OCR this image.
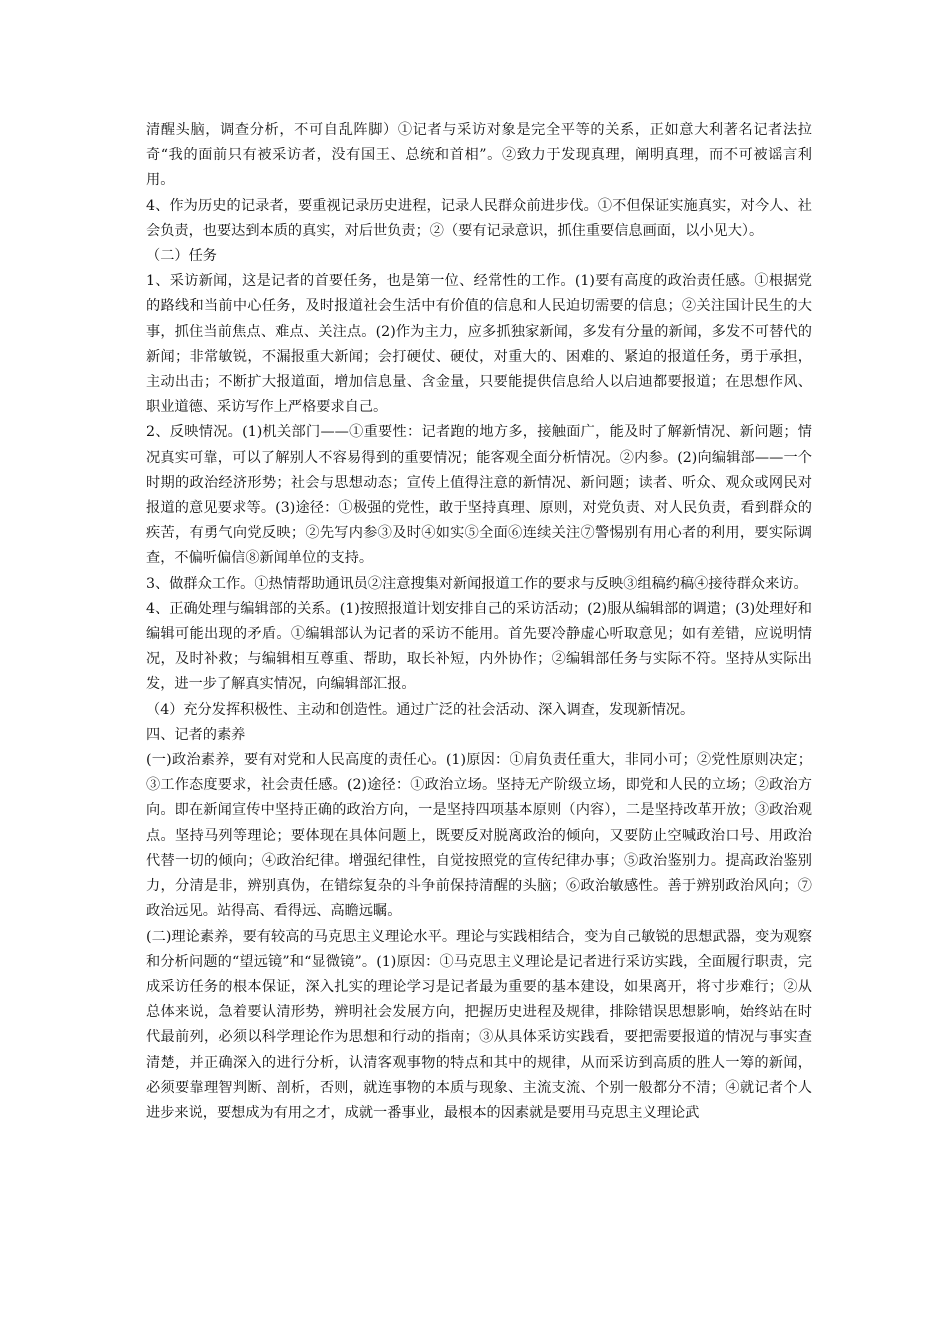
清醒头脑，调查分析，不可自乱阵脚）①记者与采访对象是完全平等的关系，正如意大利著名记者法拉奇“我的面前只有被采访者，没有国王、总统和首相”。②致力于发现真理，阐明真理，而不可被谣言利用。

4、作为历史的记录者，要重视记录历史进程，记录人民群众前进步伐。①不但保证实施真实，对今人、社会负责，也要达到本质的真实，对后世负责；②（要有记录意识，抓住重要信息画面，以小见大）。

（二）任务

1、采访新闻，这是记者的首要任务，也是第一位、经常性的工作。(1)要有高度的政治责任感。①根据党的路线和当前中心任务，及时报道社会生活中有价值的信息和人民迫切需要的信息；②关注国计民生的大事，抓住当前焦点、难点、关注点。(2)作为主力，应多抓独家新闻，多发有分量的新闻，多发不可替代的新闻；非常敏锐，不漏报重大新闻；会打硬仗、硬仗，对重大的、困难的、紧迫的报道任务，勇于承担，主动出击；不断扩大报道面，增加信息量、含金量，只要能提供信息给人以启迪都要报道；在思想作风、职业道德、采访写作上严格要求自己。

2、反映情况。(1)机关部门——①重要性：记者跑的地方多，接触面广，能及时了解新情况、新问题；情况真实可靠，可以了解别人不容易得到的重要情况；能客观全面分析情况。②内参。(2)向编辑部——一个时期的政治经济形势；社会与思想动态；宣传上值得注意的新情况、新问题；读者、听众、观众或网民对报道的意见要求等。(3)途径：①极强的党性，敢于坚持真理、原则，对党负责、对人民负责，看到群众的疾苦，有勇气向党反映；②先写内参③及时④如实⑤全面⑥连续关注⑦警惕别有用心者的利用，要实际调查，不偏听偏信⑧新闻单位的支持。

3、做群众工作。①热情帮助通讯员②注意搜集对新闻报道工作的要求与反映③组稿约稿④接待群众来访。

4、正确处理与编辑部的关系。(1)按照报道计划安排自己的采访活动；(2)服从编辑部的调遣；(3)处理好和编辑可能出现的矛盾。①编辑部认为记者的采访不能用。首先要冷静虚心听取意见；如有差错，应说明情况，及时补救；与编辑相互尊重、帮助，取长补短，内外协作；②编辑部任务与实际不符。坚持从实际出发，进一步了解真实情况，向编辑部汇报。

（4）充分发挥积极性、主动和创造性。通过广泛的社会活动、深入调查，发现新情况。

四、记者的素养

(一)政治素养，要有对党和人民高度的责任心。(1)原因：①肩负责任重大，非同小可；②党性原则决定；③工作态度要求，社会责任感。(2)途径：①政治立场。坚持无产阶级立场，即党和人民的立场；②政治方向。即在新闻宣传中坚持正确的政治方向，一是坚持四项基本原则（内容），二是坚持改革开放；③政治观点。坚持马列等理论；要体现在具体问题上，既要反对脱离政治的倾向，又要防止空喊政治口号、用政治代替一切的倾向；④政治纪律。增强纪律性，自觉按照党的宣传纪律办事；⑤政治鉴别力。提高政治鉴别力，分清是非，辨别真伪，在错综复杂的斗争前保持清醒的头脑；⑥政治敏感性。善于辨别政治风向；⑦政治远见。站得高、看得远、高瞻远瞩。

(二)理论素养，要有较高的马克思主义理论水平。理论与实践相结合，变为自己敏锐的思想武器，变为观察和分析问题的“望远镜”和“显微镜”。(1)原因：①马克思主义理论是记者进行采访实践，全面履行职责，完成采访任务的根本保证，深入扎实的理论学习是记者最为重要的基本建设，如果离开，将寸步难行；②从总体来说，急着要认清形势，辨明社会发展方向，把握历史进程及规律，排除错误思想影响，始终站在时代最前列，必须以科学理论作为思想和行动的指南；③从具体采访实践看，要把需要报道的情况与事实查清楚，并正确深入的进行分析，认清客观事物的特点和其中的规律，从而采访到高质的胜人一筹的新闻，必须要靠理智判断、剖析，否则，就连事物的本质与现象、主流支流、个别一般都分不清；④就记者个人进步来说，要想成为有用之才，成就一番事业，最根本的因素就是要用马克思主义理论武
